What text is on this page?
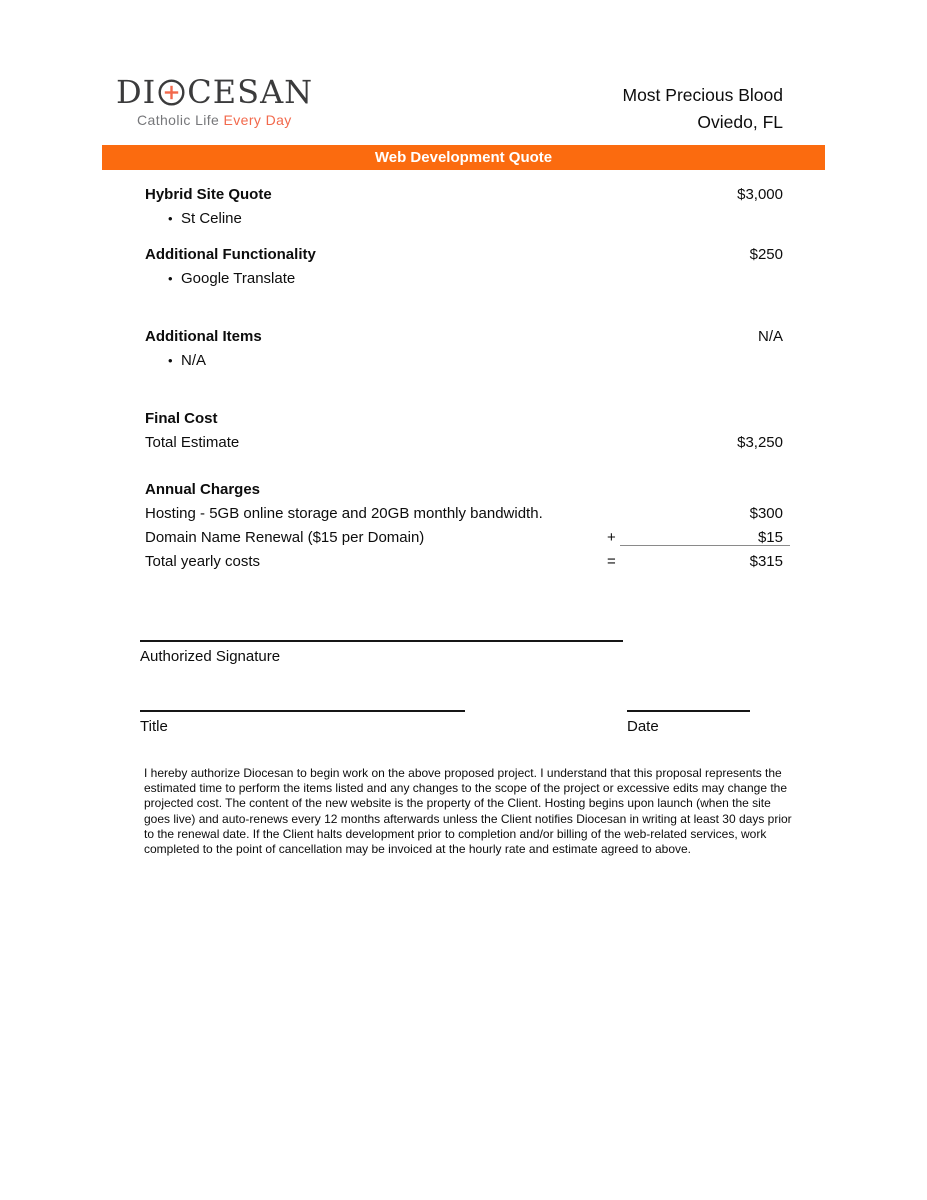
DI CESAN
Catholic Life Every Day
Most Precious Blood
Oviedo, FL
Web Development Quote
Hybrid Site Quote	$3,000
• St Celine
Additional Functionality	$250
• Google Translate
Additional Items	N/A
• N/A
Final Cost
Total Estimate	$3,250
Annual Charges
Hosting - 5GB online storage and 20GB monthly bandwidth.	$300
Domain Name Renewal ($15 per Domain)	+	$15
Total yearly costs	=	$315
Authorized Signature
Title	Date
I hereby authorize Diocesan to begin work on the above proposed project. I understand that this proposal represents the estimated time to perform the items listed and any changes to the scope of the project or excessive edits may change the projected cost. The content of the new website is the property of the Client. Hosting begins upon launch (when the site goes live) and auto-renews every 12 months afterwards unless the Client notifies Diocesan in writing at least 30 days prior to the renewal date. If the Client halts development prior to completion and/or billing of the web-related services, work completed to the point of cancellation may be invoiced at the hourly rate and estimate agreed to above.
